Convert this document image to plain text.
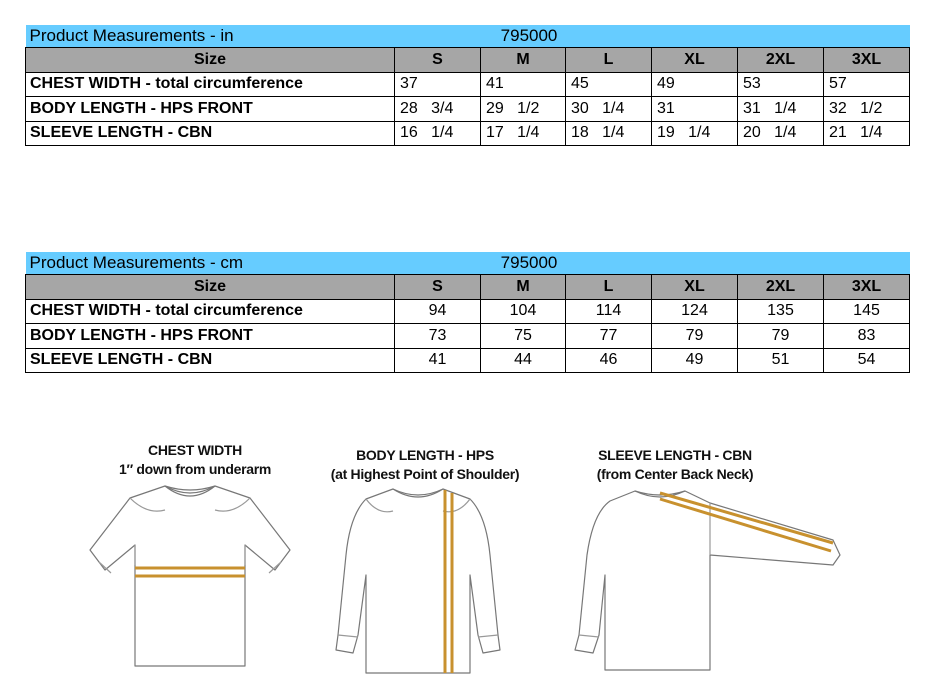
Product Measurements - in	795000					
Size	S	M	L	XL	2XL	3XL
CHEST WIDTH - total circumference	37	41	45	49	53	57
BODY LENGTH - HPS FRONT	28   3/4	29   1/2	30   1/4	31	31   1/4	32   1/2
SLEEVE LENGTH - CBN	16   1/4	17   1/4	18   1/4	19   1/4	20   1/4	21   1/4
Product Measurements - cm	795000					
Size	S	M	L	XL	2XL	3XL
CHEST WIDTH - total circumference	94	104	114	124	135	145
BODY LENGTH - HPS FRONT	73	75	77	79	79	83
SLEEVE LENGTH - CBN	41	44	46	49	51	54
CHEST WIDTH
1″ down from underarm
BODY LENGTH - HPS
(at Highest Point of Shoulder)
SLEEVE LENGTH - CBN
(from Center Back Neck)
